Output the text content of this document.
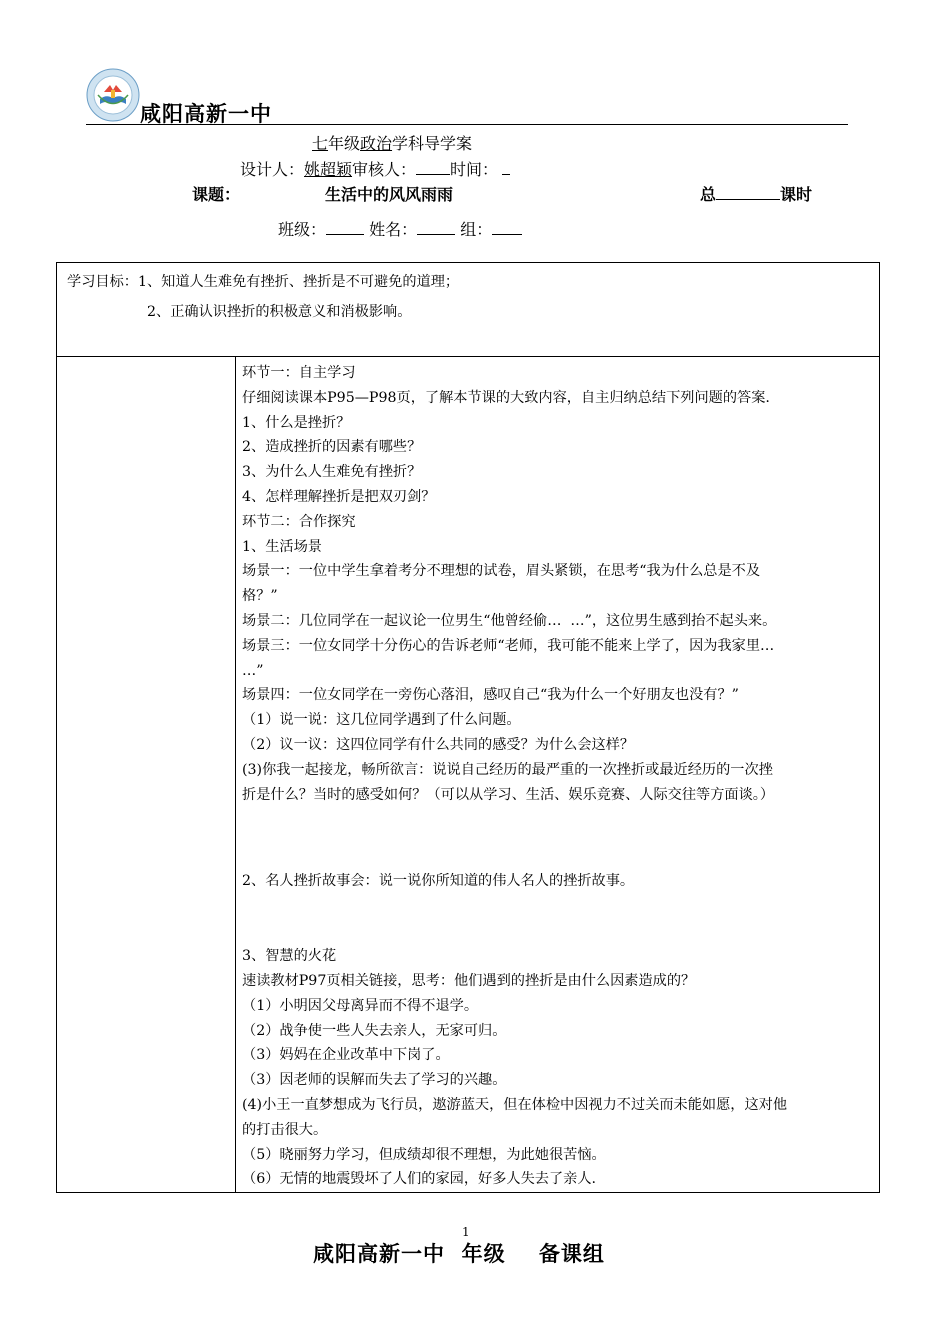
咸阳高新一中
七年级政治学科导学案
设计人：姚超颖审核人： 时间：
课题：	生活中的风风雨雨	总	课时
班级：	姓名：	组：
学习目标：1、知道人生难免有挫折、挫折是不可避免的道理；
2、正确认识挫折的积极意义和消极影响。

环节一：自主学习

仔细阅读课本P95—P98页，了解本节课的大致内容，自主归纳总结下列问题的答案.

1、什么是挫折？

2、造成挫折的因素有哪些？

3、为什么人生难免有挫折？

4、怎样理解挫折是把双刃剑？

环节二：合作探究

1、生活场景

场景一：一位中学生拿着考分不理想的试卷，眉头紧锁，在思考“我为什么总是不及

格？”

场景二：几位同学在一起议论一位男生“他曾经偷…  …”，这位男生感到抬不起头来。

场景三：一位女同学十分伤心的告诉老师“老师，我可能不能来上学了，因为我家里…

…”

场景四：一位女同学在一旁伤心落泪，感叹自己“我为什么一个好朋友也没有？”

（1）说一说：这几位同学遇到了什么问题。

（2）议一议：这四位同学有什么共同的感受？为什么会这样？

(3)你我一起接龙，畅所欲言：说说自己经历的最严重的一次挫折或最近经历的一次挫

折是什么？当时的感受如何？（可以从学习、生活、娱乐竞赛、人际交往等方面谈。）

2、名人挫折故事会：说一说你所知道的伟人名人的挫折故事。

3、智慧的火花

速读教材P97页相关链接，思考：他们遇到的挫折是由什么因素造成的？

（1）小明因父母离异而不得不退学。

（2）战争使一些人失去亲人，无家可归。

（3）妈妈在企业改革中下岗了。

（3）因老师的误解而失去了学习的兴趣。

(4)小王一直梦想成为飞行员，遨游蓝天，但在体检中因视力不过关而未能如愿，这对他

的打击很大。

（5）晓丽努力学习，但成绩却很不理想，为此她很苦恼。

（6）无情的地震毁坏了人们的家园，好多人失去了亲人.

1
咸阳高新一中  年级    备课组
